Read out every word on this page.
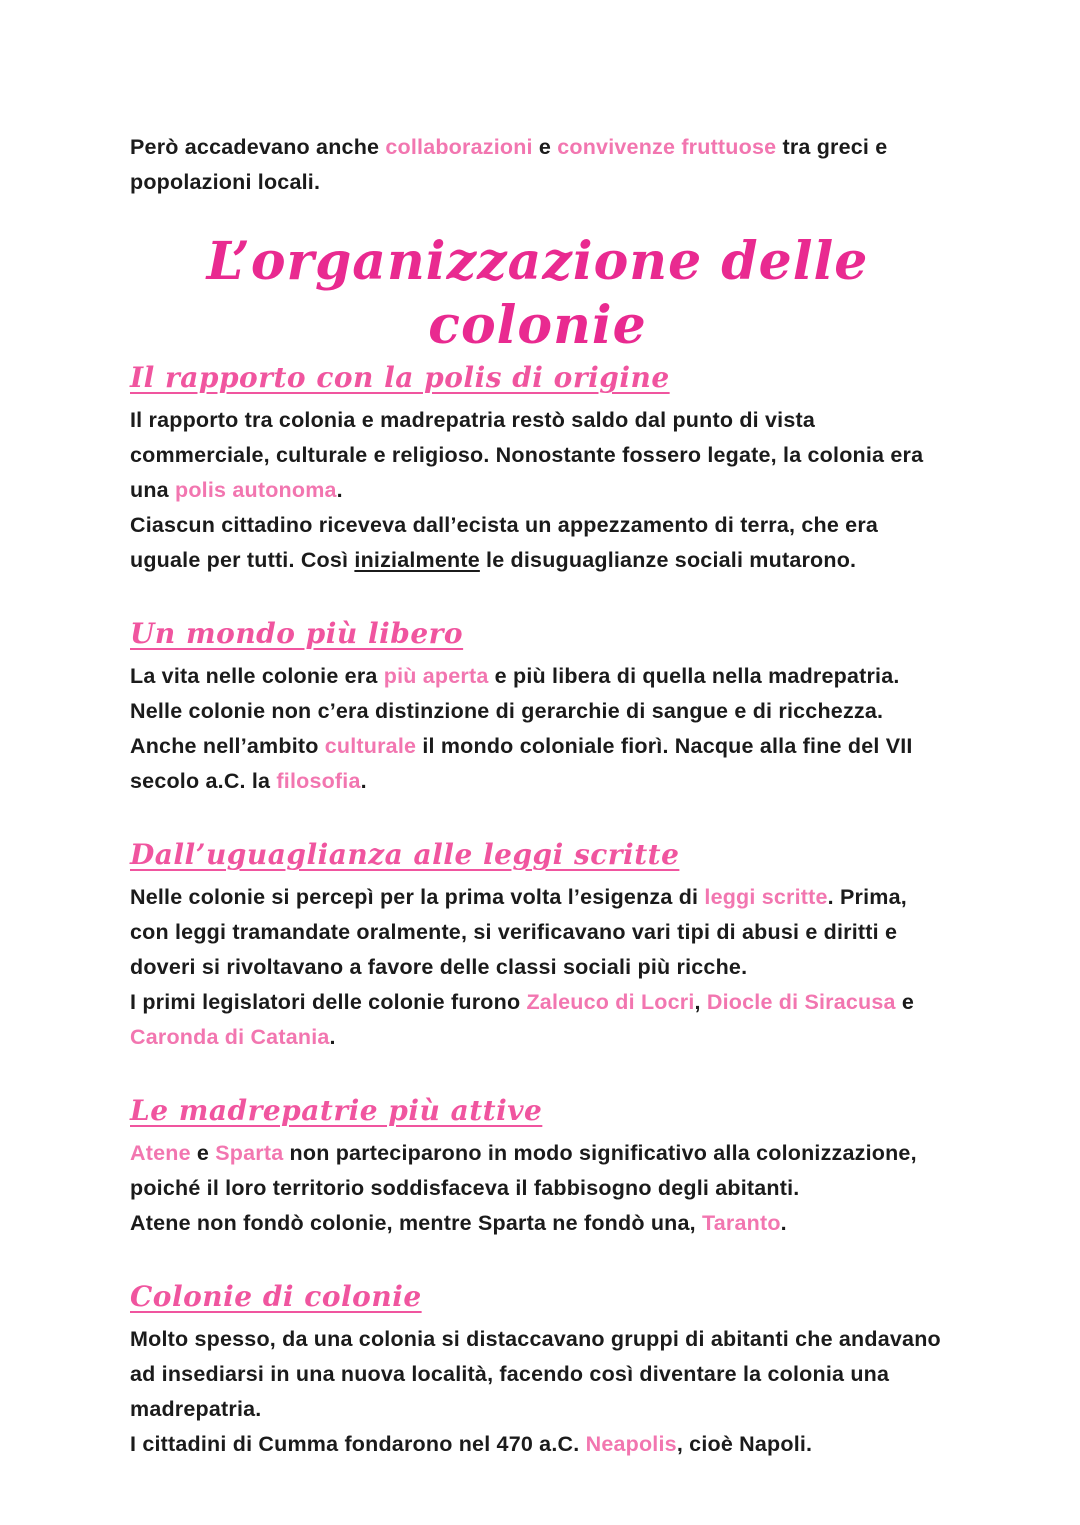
Però accadevano anche collaborazioni e convivenze fruttuose tra greci e popolazioni locali.

L’organizzazione delle colonie
Il rapporto con la polis di origine

Il rapporto tra colonia e madrepatria restò saldo dal punto di vista commerciale, culturale e religioso. Nonostante fossero legate, la colonia era una polis autonoma.

Ciascun cittadino riceveva dall’ecista un appezzamento di terra, che era uguale per tutti. Così inizialmente le disuguaglianze sociali mutarono.

Un mondo più libero

La vita nelle colonie era più aperta e più libera di quella nella madrepatria. Nelle colonie non c’era distinzione di gerarchie di sangue e di ricchezza. Anche nell’ambito culturale il mondo coloniale fiorì. Nacque alla fine del VII secolo a.C. la filosofia.

Dall’uguaglianza alle leggi scritte

Nelle colonie si percepì per la prima volta l’esigenza di leggi scritte. Prima, con leggi tramandate oralmente, si verificavano vari tipi di abusi e diritti e doveri si rivoltavano a favore delle classi sociali più ricche.

I primi legislatori delle colonie furono Zaleuco di Locri, Diocle di Siracusa e Caronda di Catania.

Le madrepatrie più attive

Atene e Sparta non parteciparono in modo significativo alla colonizzazione, poiché il loro territorio soddisfaceva il fabbisogno degli abitanti.

Atene non fondò colonie, mentre Sparta ne fondò una, Taranto.

Colonie di colonie

Molto spesso, da una colonia si distaccavano gruppi di abitanti che andavano ad insediarsi in una nuova località, facendo così diventare la colonia una madrepatria.

I cittadini di Cumma fondarono nel 470 a.C. Neapolis, cioè Napoli.
